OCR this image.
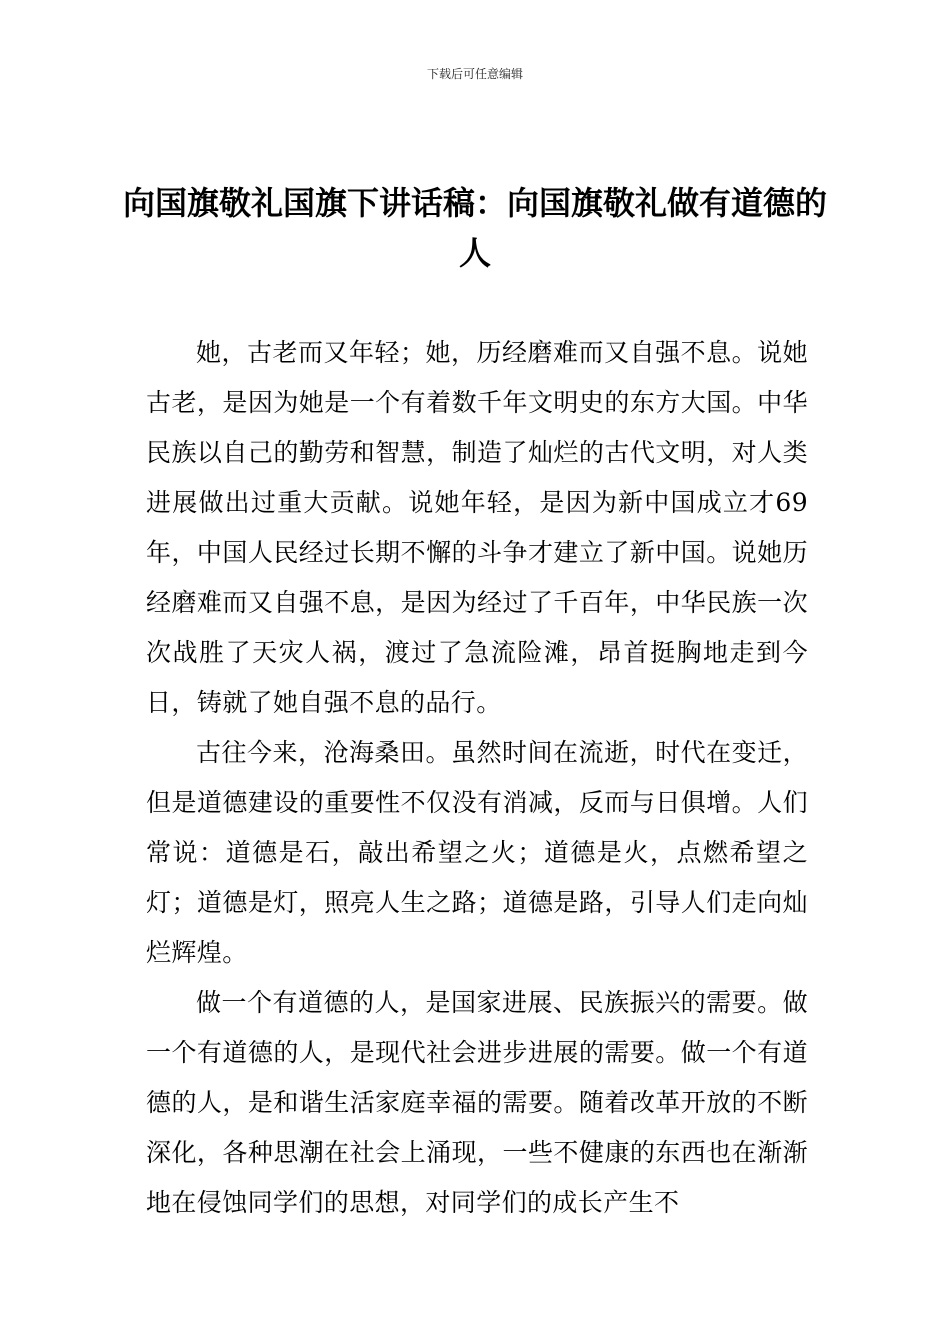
下载后可任意编辑
向国旗敬礼国旗下讲话稿：向国旗敬礼做有道德的人

她，古老而又年轻；她，历经磨难而又自强不息。说她古老，是因为她是一个有着数千年文明史的东方大国。中华民族以自己的勤劳和智慧，制造了灿烂的古代文明，对人类进展做出过重大贡献。说她年轻，是因为新中国成立才69年，中国人民经过长期不懈的斗争才建立了新中国。说她历经磨难而又自强不息，是因为经过了千百年，中华民族一次次战胜了天灾人祸，渡过了急流险滩，昂首挺胸地走到今日，铸就了她自强不息的品行。

古往今来，沧海桑田。虽然时间在流逝，时代在变迁，但是道德建设的重要性不仅没有消减，反而与日俱增。人们常说：道德是石，敲出希望之火；道德是火，点燃希望之灯；道德是灯，照亮人生之路；道德是路，引导人们走向灿烂辉煌。

做一个有道德的人，是国家进展、民族振兴的需要。做一个有道德的人，是现代社会进步进展的需要。做一个有道德的人，是和谐生活家庭幸福的需要。随着改革开放的不断深化，各种思潮在社会上涌现，一些不健康的东西也在渐渐地在侵蚀同学们的思想，对同学们的成长产生不
